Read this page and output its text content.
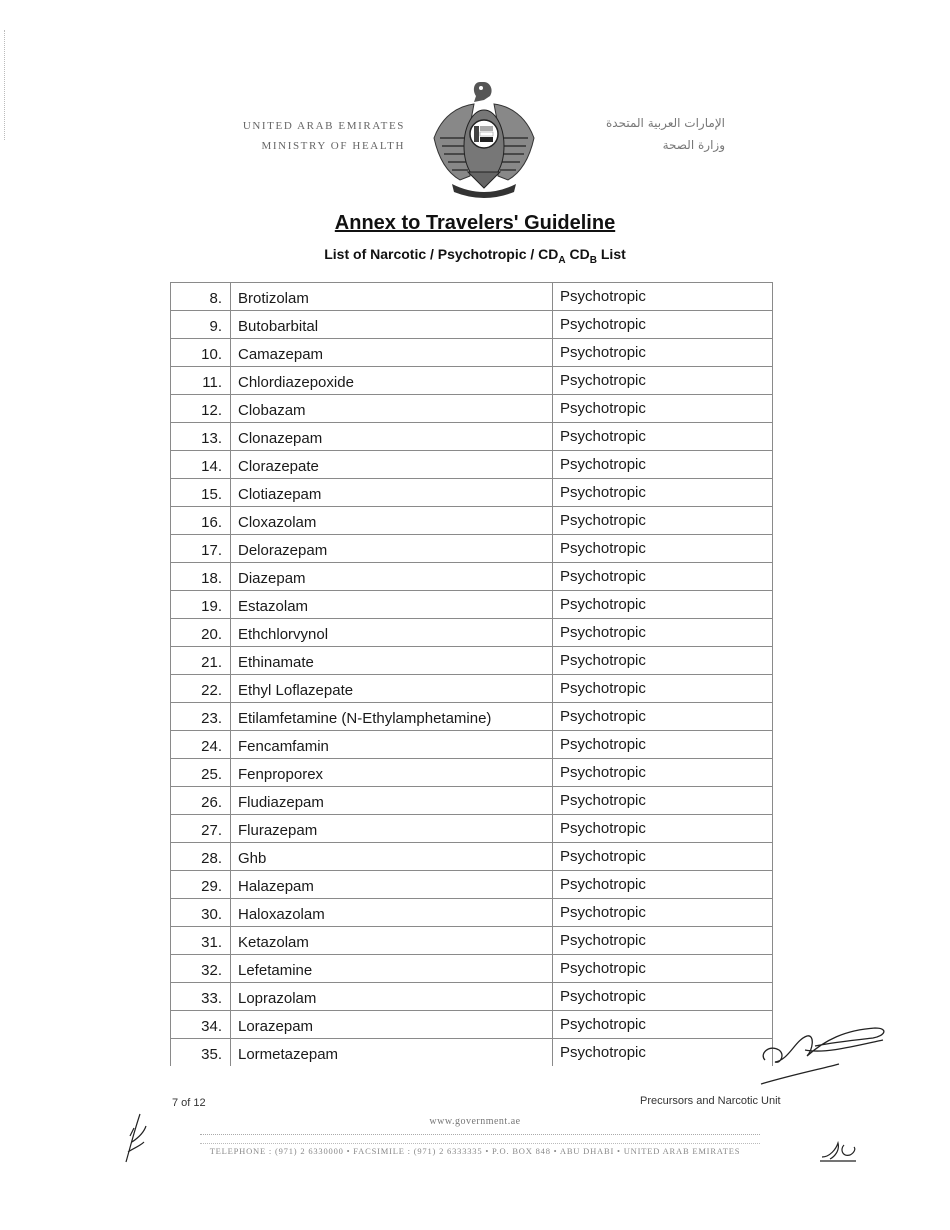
UNITED ARAB EMIRATES
MINISTRY OF HEALTH
الإمارات العربية المتحدة
وزارة الصحة
Annex to Travelers' Guideline
List of Narcotic / Psychotropic / $CD_A$ $CD_B$ List
8.	Brotizolam	Psychotropic

9.	Butobarbital	Psychotropic

10.	Camazepam	Psychotropic

11.	Chlordiazepoxide	Psychotropic

12.	Clobazam	Psychotropic

13.	Clonazepam	Psychotropic

14.	Clorazepate	Psychotropic

15.	Clotiazepam	Psychotropic

16.	Cloxazolam	Psychotropic

17.	Delorazepam	Psychotropic

18.	Diazepam	Psychotropic

19.	Estazolam	Psychotropic

20.	Ethchlorvynol	Psychotropic

21.	Ethinamate	Psychotropic

22.	Ethyl Loflazepate	Psychotropic

23.	Etilamfetamine (N-Ethylamphetamine)	Psychotropic

24.	Fencamfamin	Psychotropic

25.	Fenproporex	Psychotropic

26.	Fludiazepam	Psychotropic

27.	Flurazepam	Psychotropic

28.	Ghb	Psychotropic

29.	Halazepam	Psychotropic

30.	Haloxazolam	Psychotropic

31.	Ketazolam	Psychotropic

32.	Lefetamine	Psychotropic

33.	Loprazolam	Psychotropic

34.	Lorazepam	Psychotropic

35.	Lormetazepam	Psychotropic
7 of 12	Precursors and Narcotic Unit
www.government.ae
TELEPHONE : (971) 2 6330000 • FACSIMILE : (971) 2 6333335 • P.O. BOX 848 • ABU DHABI • UNITED ARAB EMIRATES
